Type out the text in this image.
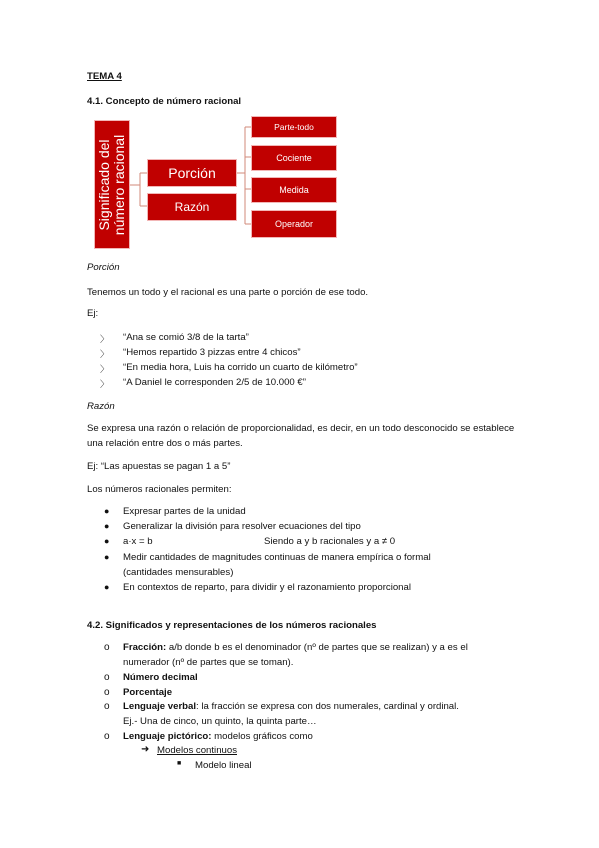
TEMA 4
4.1. Concepto de número racional
Significado del número racional	Porción
Razón
Parte-todo
Cociente
Medida
Operador
Porción
Tenemos un todo y el racional es una parte o porción de ese todo.
Ej:
〉 “Ana se comió 3/8 de la tarta”
〉 “Hemos repartido 3 pizzas entre 4 chicos”
〉 “En media hora, Luis ha corrido un cuarto de kilómetro”
〉 “A Daniel le corresponden 2/5 de 10.000 €”
Razón
Se expresa una razón o relación de proporcionalidad, es decir, en un todo desconocido se establece una relación entre dos o más partes.
Ej: “Las apuestas se pagan 1 a 5”
Los números racionales permiten:
● Expresar partes de la unidad
● Generalizar la división para resolver ecuaciones del tipo
● a·x = b	Siendo a y b racionales y a ≠ 0
● Medir cantidades de magnitudes continuas de manera empírica o formal
(cantidades mensurables)
● En contextos de reparto, para dividir y el razonamiento proporcional
4.2. Significados y representaciones de los números racionales
o Fracción: a/b donde b es el denominador (nº de partes que se realizan) y a es el
numerador (nº de partes que se toman).
o Número decimal
o Porcentaje
o Lenguaje verbal: la fracción se expresa con dos numerales, cardinal y ordinal.
Ej.- Una de cinco, un quinto, la quinta parte…
o Lenguaje pictórico: modelos gráficos como
➜ Modelos continuos
■ Modelo lineal
